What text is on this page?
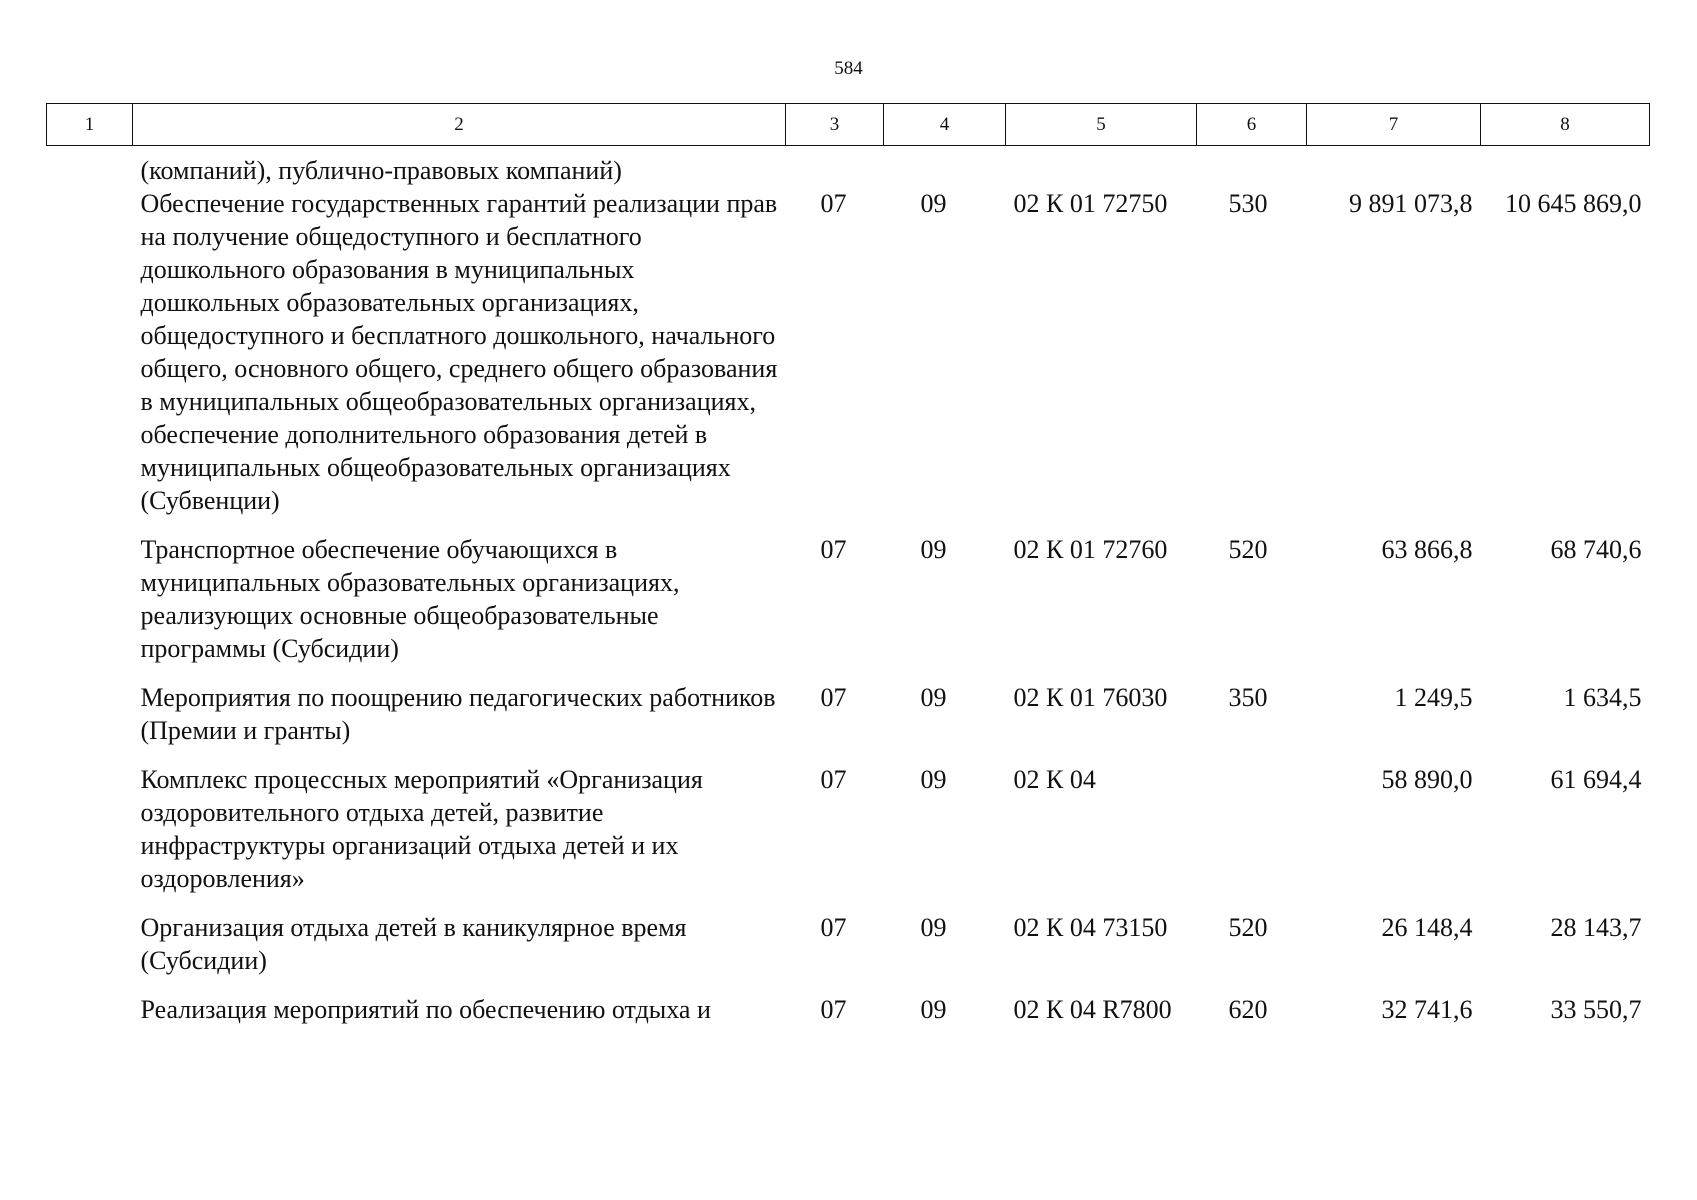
584
1	2	3	4	5	6	7	8
	(компаний), публично-правовых компаний)						
	Обеспечение государственных гарантий реализации прав на получение общедоступного и бесплатного дошкольного образования в муниципальных дошкольных образовательных организациях, общедоступного и бесплатного дошкольного, начального общего, основного общего, среднего общего образования в муниципальных общеобразовательных организациях, обеспечение дополнительного образования детей в муниципальных общеобразовательных организациях (Субвенции)	07	09	02 К 01 72750	530	9 891 073,8	10 645 869,0
	Транспортное обеспечение обучающихся в муниципальных образовательных организациях, реализующих основные общеобразовательные программы (Субсидии)	07	09	02 К 01 72760	520	63 866,8	68 740,6
	Мероприятия по поощрению педагогических работников (Премии и гранты)	07	09	02 К 01 76030	350	1 249,5	1 634,5
	Комплекс процессных мероприятий «Организация оздоровительного отдыха детей, развитие инфраструктуры организаций отдыха детей и их оздоровления»	07	09	02 К 04		58 890,0	61 694,4
	Организация отдыха детей в каникулярное время (Субсидии)	07	09	02 К 04 73150	520	26 148,4	28 143,7
	Реализация мероприятий по обеспечению отдыха и	07	09	02 К 04 R7800	620	32 741,6	33 550,7
